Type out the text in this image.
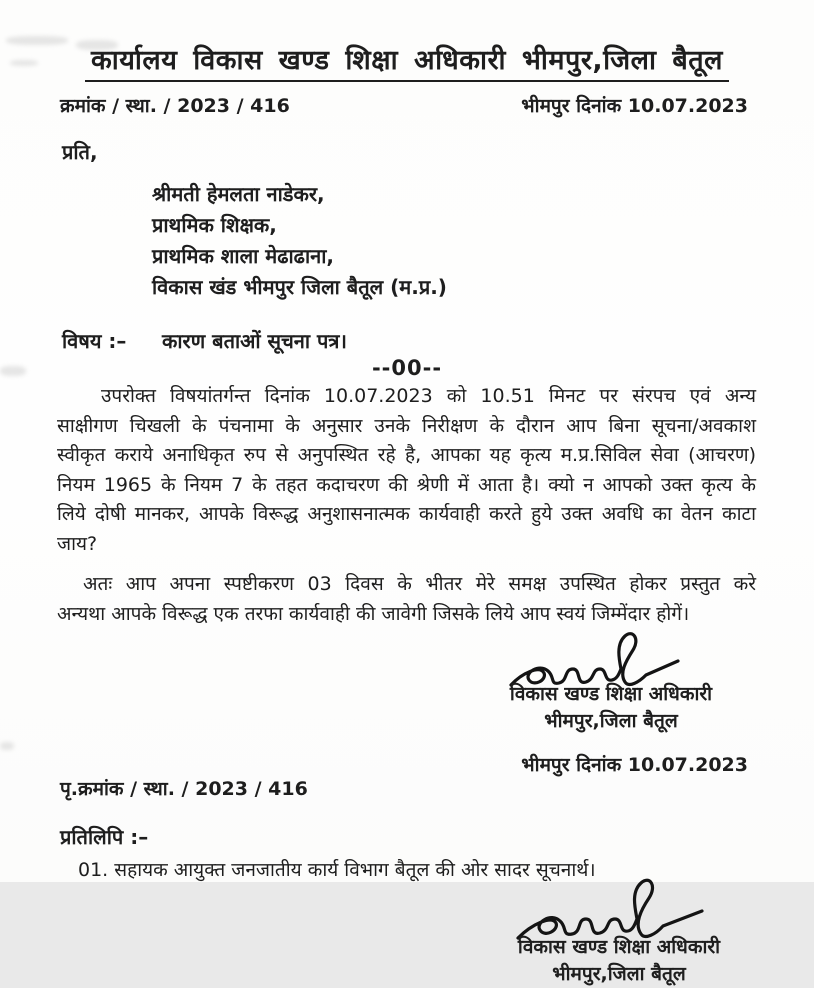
कार्यालय विकास खण्ड शिक्षा अधिकारी भीमपुर,जिला बैतूल
क्रमांक / स्था. / 2023 / 416	भीमपुर दिनांक 10.07.2023
प्रति,
श्रीमती हेमलता नाडेकर,
प्राथमिक शिक्षक,
प्राथमिक शाला मेढाढाना,
विकास खंड भीमपुर जिला बैतूल (म.प्र.)
विषय :–	कारण बताओं सूचना पत्र।
--00--
उपरोक्त विषयांतर्गन्त दिनांक 10.07.2023 को 10.51 मिनट पर संरपच एवं अन्य
साक्षीगण चिखली के पंचनामा के अनुसार उनके निरीक्षण के दौरान आप बिना सूचना/अवकाश
स्वीकृत कराये अनाधिकृत रुप से अनुपस्थित रहे है, आपका यह कृत्य म.प्र.सिविल सेवा (आचरण)
नियम 1965 के नियम 7 के तहत कदाचरण की श्रेणी में आता है। क्यो न आपको उक्त कृत्य के
लिये दोषी मानकर, आपके विरूद्ध अनुशासनात्मक कार्यवाही करते हुये उक्त अवधि का वेतन काटा
जाय?
अतः आप अपना स्पष्टीकरण 03 दिवस के भीतर मेरे समक्ष उपस्थित होकर प्रस्तुत करे
अन्यथा आपके विरूद्ध एक तरफा कार्यवाही की जावेगी जिसके लिये आप स्वयं जिम्मेंदार होगें।
विकास खण्ड शिक्षा अधिकारी
भीमपुर,जिला बैतूल
पृ.क्रमांक / स्था. / 2023 / 416
भीमपुर दिनांक 10.07.2023
प्रतिलिपि :–
01. सहायक आयुक्त जनजातीय कार्य विभाग बैतूल की ओर सादर सूचनार्थ।
विकास खण्ड शिक्षा अधिकारी
भीमपुर,जिला बैतूल
